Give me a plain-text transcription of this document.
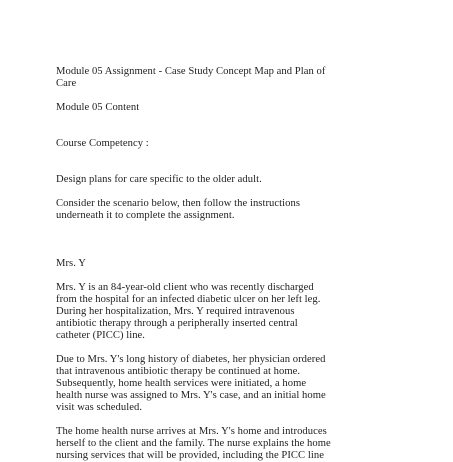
Module 05 Assignment - Case Study Concept Map and Plan of
Care

Module 05 Content

Course Competency :

Design plans for care specific to the older adult.

Consider the scenario below, then follow the instructions
underneath it to complete the assignment.

Mrs. Y

Mrs. Y is an 84-year-old client who was recently discharged
from the hospital for an infected diabetic ulcer on her left leg.
During her hospitalization, Mrs. Y required intravenous
antibiotic therapy through a peripherally inserted central
catheter (PICC) line.

Due to Mrs. Y's long history of diabetes, her physician ordered
that intravenous antibiotic therapy be continued at home.
Subsequently, home health services were initiated, a home
health nurse was assigned to Mrs. Y's case, and an initial home
visit was scheduled.

The home health nurse arrives at Mrs. Y's home and introduces
herself to the client and the family. The nurse explains the home
nursing services that will be provided, including the PICC line
